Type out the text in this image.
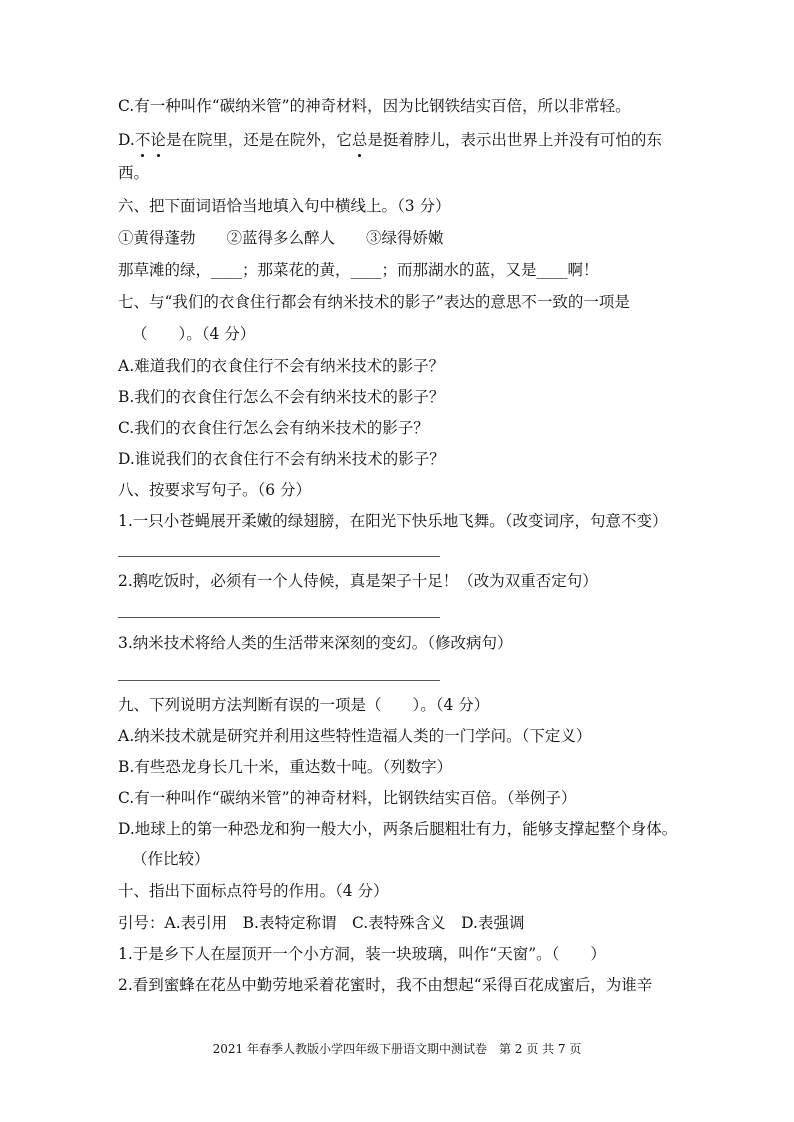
C.有一种叫作“碳纳米管”的神奇材料，因为比钢铁结实百倍，所以非常轻。
D.不论是在院里，还是在院外，它总是挺着脖儿，表示出世界上并没有可怕的东
西。
六、把下面词语恰当地填入句中横线上。（3 分）
①黄得蓬勃　　②蓝得多么醉人　　③绿得娇嫩
那草滩的绿，____；那菜花的黄，____；而那湖水的蓝，又是____啊！
七、与“我们的衣食住行都会有纳米技术的影子”表达的意思不一致的一项是
（　　）。（4 分）
A.难道我们的衣食住行不会有纳米技术的影子？
B.我们的衣食住行怎么不会有纳米技术的影子？
C.我们的衣食住行怎么会有纳米技术的影子？
D.谁说我们的衣食住行不会有纳米技术的影子？
八、按要求写句子。（6 分）
1.一只小苍蝇展开柔嫩的绿翅膀，在阳光下快乐地飞舞。（改变词序，句意不变）
2.鹅吃饭时，必须有一个人侍候，真是架子十足！（改为双重否定句）
3.纳米技术将给人类的生活带来深刻的变幻。（修改病句）
九、下列说明方法判断有误的一项是（　　）。（4 分）
A.纳米技术就是研究并利用这些特性造福人类的一门学问。（下定义）
B.有些恐龙身长几十米，重达数十吨。（列数字）
C.有一种叫作“碳纳米管”的神奇材料，比钢铁结实百倍。（举例子）
D.地球上的第一种恐龙和狗一般大小，两条后腿粗壮有力，能够支撑起整个身体。
（作比较）
十、指出下面标点符号的作用。（4 分）
引号：A.表引用　B.表特定称谓　C.表特殊含义　D.表强调
1.于是乡下人在屋顶开一个小方洞，装一块玻璃，叫作“天窗”。（　　）
2.看到蜜蜂在花丛中勤劳地采着花蜜时，我不由想起“采得百花成蜜后，为谁辛
2021 年春季人教版小学四年级下册语文期中测试卷　第 2 页 共 7 页
